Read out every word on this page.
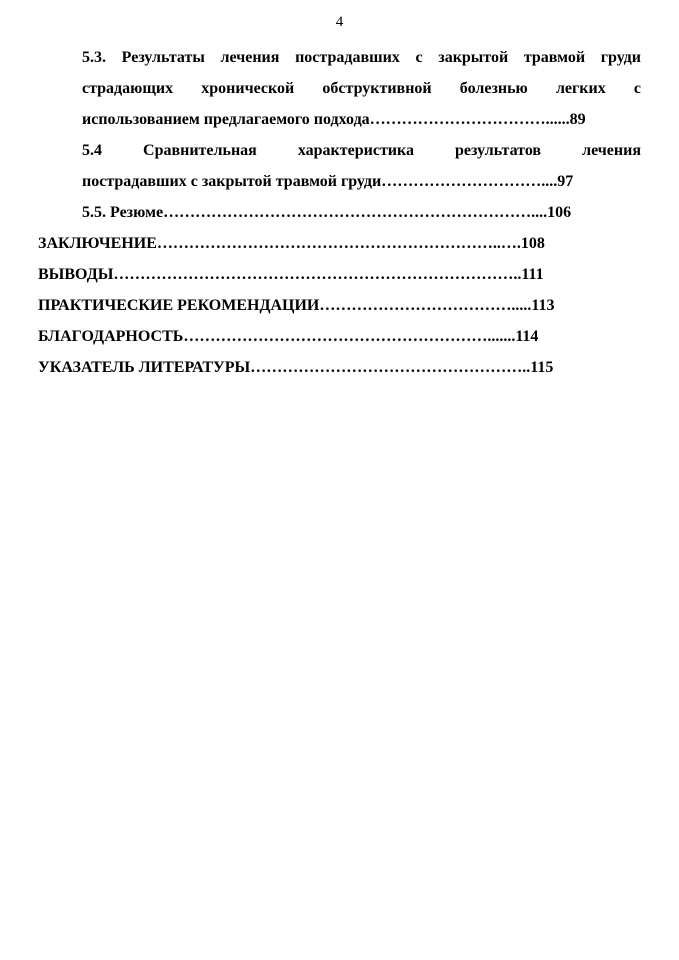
4
5.3. Результаты лечения пострадавших с закрытой травмой груди страдающих хронической обструктивной болезнью легких с использованием предлагаемого подхода……………………………......89
5.4 Сравнительная характеристика результатов лечения пострадавших с закрытой травмой груди…………………………....97
5.5. Резюме……………………………………………………………....106
ЗАКЛЮЧЕНИЕ………………………………………………………..….108
ВЫВОДЫ…………………………………………………………………..111
ПРАКТИЧЕСКИЕ РЕКОМЕНДАЦИИ……………………………….....113
БЛАГОДАРНОСТЬ………………………………………………….......114
УКАЗАТЕЛЬ ЛИТЕРАТУРЫ……………………………………………..115
